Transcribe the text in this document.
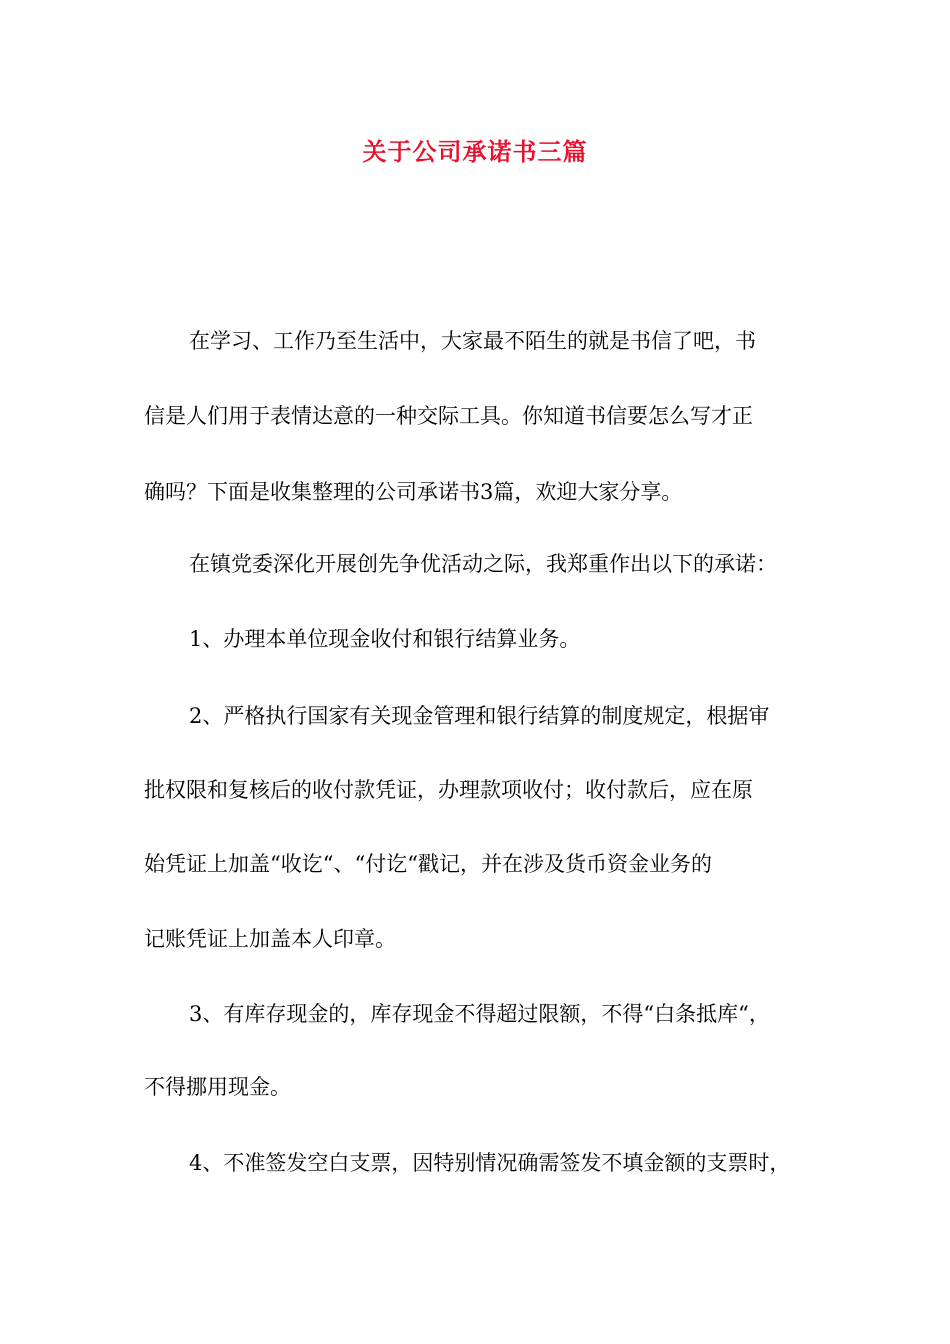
关于公司承诺书三篇
在学习、工作乃至生活中，大家最不陌生的就是书信了吧，书
信是人们用于表情达意的一种交际工具。你知道书信要怎么写才正
确吗？下面是收集整理的公司承诺书3篇，欢迎大家分享。
在镇党委深化开展创先争优活动之际，我郑重作出以下的承诺：
1、办理本单位现金收付和银行结算业务。
2、严格执行国家有关现金管理和银行结算的制度规定，根据审
批权限和复核后的收付款凭证，办理款项收付；收付款后，应在原
始凭证上加盖“收讫“、“付讫“戳记，并在涉及货币资金业务的
记账凭证上加盖本人印章。
3、有库存现金的，库存现金不得超过限额，不得“白条抵库“，
不得挪用现金。
4、不准签发空白支票，因特别情况确需签发不填金额的支票时，
